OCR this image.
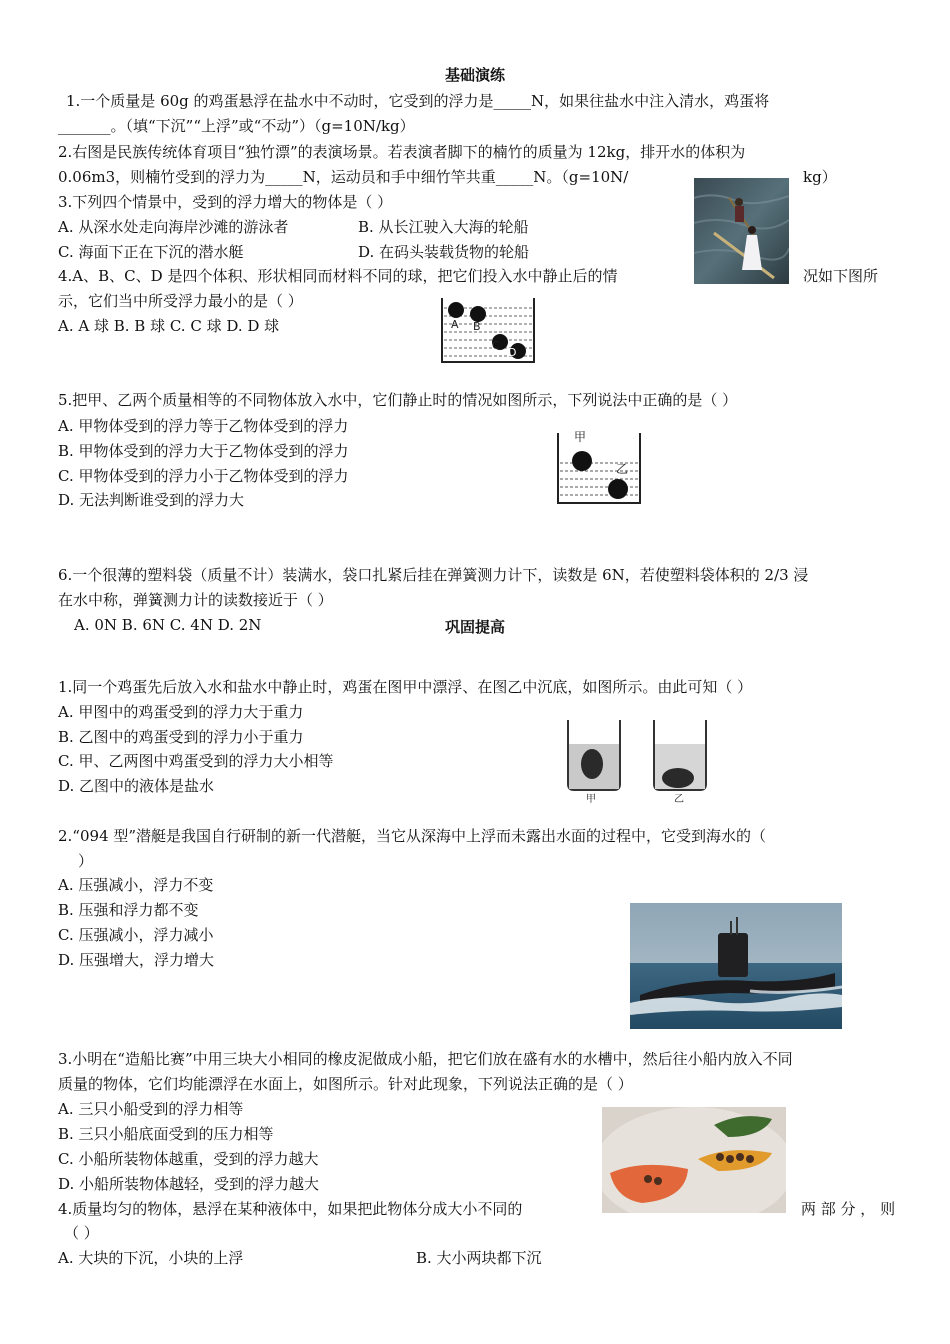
基础演练
1.一个质量是 60g 的鸡蛋悬浮在盐水中不动时，它受到的浮力是_____N，如果往盐水中注入清水，鸡蛋将
_______。（填“下沉”“上浮”或“不动”）（g=10N/kg）
2.右图是民族传统体育项目“独竹漂”的表演场景。若表演者脚下的楠竹的质量为 12kg，排开水的体积为
0.06m3，则楠竹受到的浮力为_____N，运动员和手中细竹竿共重_____N。（g=10N/	kg）
3.下列四个情景中，受到的浮力增大的物体是（ ）
A. 从深水处走向海岸沙滩的游泳者	B. 从长江驶入大海的轮船
C. 海面下正在下沉的潜水艇	D. 在码头装载货物的轮船
4.A、B、C、D 是四个体积、形状相同而材料不同的球，把它们投入水中静止后的情	况如下图所
示，它们当中所受浮力最小的是（ ）
A. A 球 B. B 球 C. C 球 D. D 球	A B
C
D
5.把甲、乙两个质量相等的不同物体放入水中，它们静止时的情况如图所示，下列说法中正确的是（ ）
A. 甲物体受到的浮力等于乙物体受到的浮力
B. 甲物体受到的浮力大于乙物体受到的浮力
C. 甲物体受到的浮力小于乙物体受到的浮力
D. 无法判断谁受到的浮力大
甲
乙
6.一个很薄的塑料袋（质量不计）装满水，袋口扎紧后挂在弹簧测力计下，读数是 6N，若使塑料袋体积的 2/3 浸
在水中称，弹簧测力计的读数接近于（ ）
A. 0N B. 6N C. 4N D. 2N	巩固提高
1.同一个鸡蛋先后放入水和盐水中静止时，鸡蛋在图甲中漂浮、在图乙中沉底，如图所示。由此可知（ ）
A. 甲图中的鸡蛋受到的浮力大于重力
B. 乙图中的鸡蛋受到的浮力小于重力
C. 甲、乙两图中鸡蛋受到的浮力大小相等
D. 乙图中的液体是盐水
甲	乙
2.“094 型”潜艇是我国自行研制的新一代潜艇，当它从深海中上浮而未露出水面的过程中，它受到海水的（
）
A. 压强减小，浮力不变
B. 压强和浮力都不变
C. 压强减小，浮力减小
D. 压强增大，浮力增大
3.小明在“造船比赛”中用三块大小相同的橡皮泥做成小船，把它们放在盛有水的水槽中，然后往小船内放入不同
质量的物体，它们均能漂浮在水面上，如图所示。针对此现象，下列说法正确的是（ ）
A. 三只小船受到的浮力相等
B. 三只小船底面受到的压力相等
C. 小船所装物体越重，受到的浮力越大
D. 小船所装物体越轻，受到的浮力越大
4.质量均匀的物体，悬浮在某种液体中，如果把此物体分成大小不同的	两 部 分 ， 则
（ ）
A. 大块的下沉，小块的上浮	B. 大小两块都下沉
